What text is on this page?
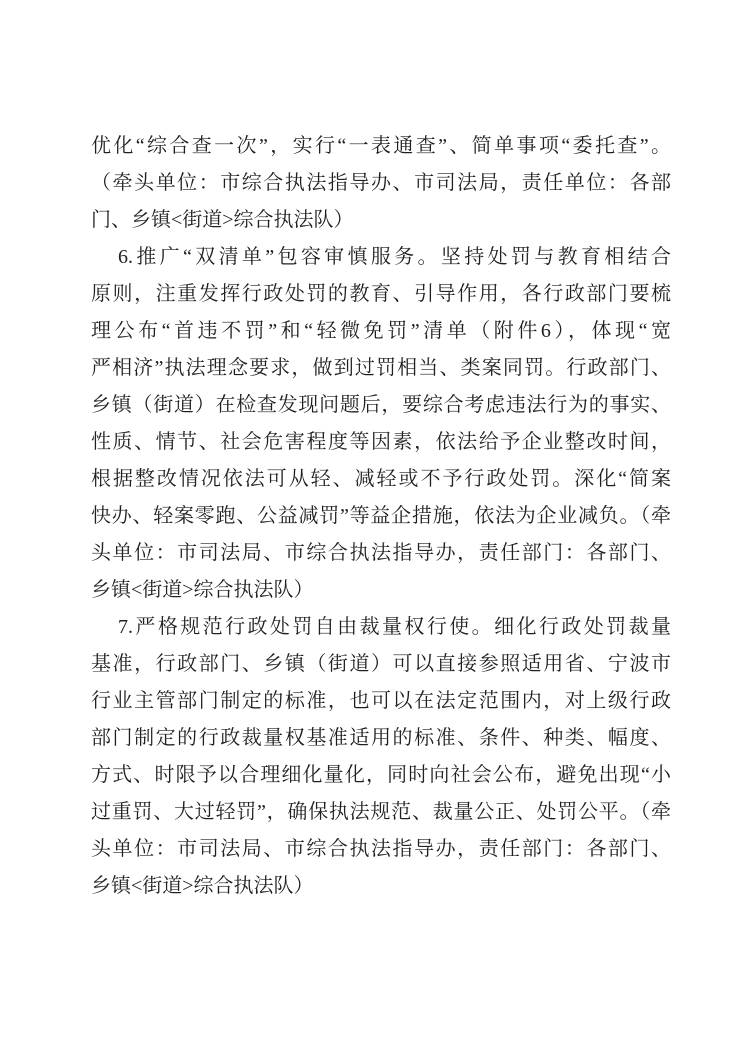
优化“综合查一次”，实行“一表通查”、简单事项“委托查”。
（牵头单位：市综合执法指导办、市司法局，责任单位：各部
门、乡镇<街道>综合执法队）
6.推广“双清单”包容审慎服务。坚持处罚与教育相结合
原则，注重发挥行政处罚的教育、引导作用，各行政部门要梳
理公布“首违不罚”和“轻微免罚”清单（附件6），体现“宽
严相济”执法理念要求，做到过罚相当、类案同罚。行政部门、
乡镇（街道）在检查发现问题后，要综合考虑违法行为的事实、
性质、情节、社会危害程度等因素，依法给予企业整改时间，
根据整改情况依法可从轻、减轻或不予行政处罚。深化“简案
快办、轻案零跑、公益减罚”等益企措施，依法为企业减负。（牵
头单位：市司法局、市综合执法指导办，责任部门：各部门、
乡镇<街道>综合执法队）
7.严格规范行政处罚自由裁量权行使。细化行政处罚裁量
基准，行政部门、乡镇（街道）可以直接参照适用省、宁波市
行业主管部门制定的标准，也可以在法定范围内，对上级行政
部门制定的行政裁量权基准适用的标准、条件、种类、幅度、
方式、时限予以合理细化量化，同时向社会公布，避免出现“小
过重罚、大过轻罚”，确保执法规范、裁量公正、处罚公平。（牵
头单位：市司法局、市综合执法指导办，责任部门：各部门、
乡镇<街道>综合执法队）
